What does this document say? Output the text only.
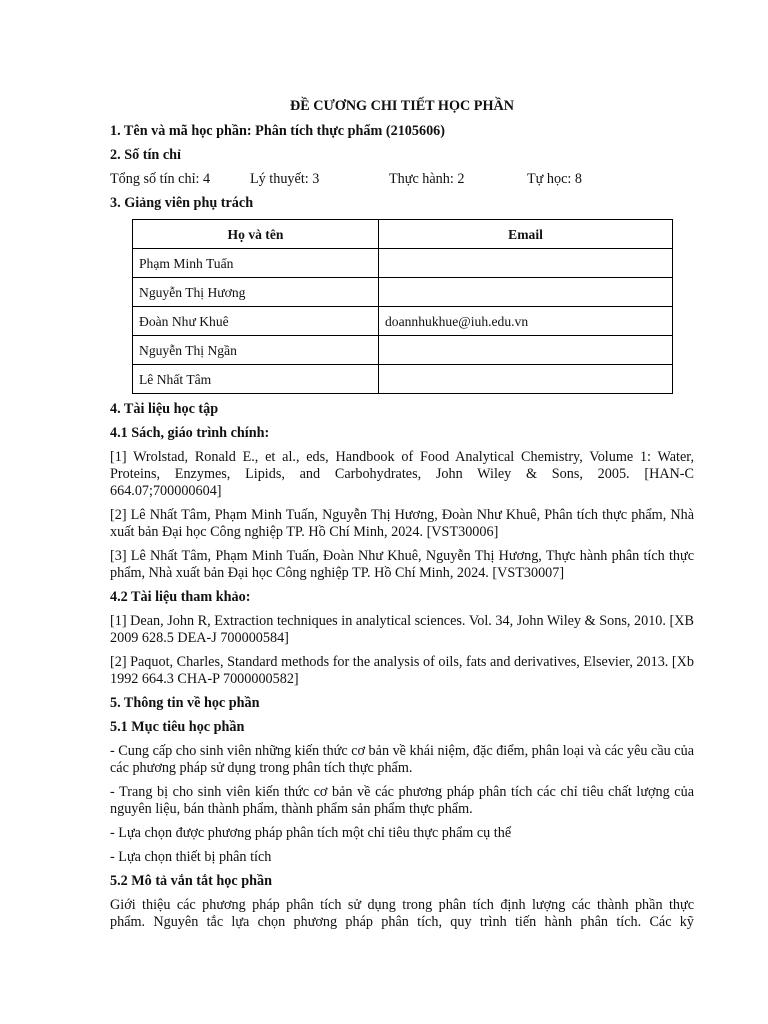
ĐỀ CƯƠNG CHI TIẾT HỌC PHẦN
1. Tên và mã học phần: Phân tích thực phẩm (2105606)
2. Số tín chỉ
Tổng số tín chỉ: 4	Lý thuyết: 3	Thực hành: 2	Tự học: 8
3. Giảng viên phụ trách
Họ và tên	Email
Phạm Minh Tuấn	
Nguyễn Thị Hương	
Đoàn Như Khuê	doannhukhue@iuh.edu.vn
Nguyễn Thị Ngần	
Lê Nhất Tâm	
4. Tài liệu học tập
4.1 Sách, giáo trình chính:
[1] Wrolstad, Ronald E., et al., eds, Handbook of Food Analytical Chemistry, Volume 1: Water, Proteins, Enzymes, Lipids, and Carbohydrates, John Wiley & Sons, 2005. [HAN-C 664.07;700000604]
[2] Lê Nhất Tâm, Phạm Minh Tuấn, Nguyễn Thị Hương, Đoàn Như Khuê, Phân tích thực phẩm, Nhà xuất bản Đại học Công nghiệp TP. Hồ Chí Minh, 2024. [VST30006]
[3] Lê Nhất Tâm, Phạm Minh Tuấn, Đoàn Như Khuê, Nguyễn Thị Hương, Thực hành phân tích thực phẩm, Nhà xuất bản Đại học Công nghiệp TP. Hồ Chí Minh, 2024. [VST30007]
4.2 Tài liệu tham khảo:
[1] Dean, John R, Extraction techniques in analytical sciences. Vol. 34, John Wiley & Sons, 2010. [XB 2009 628.5 DEA-J 700000584]
[2] Paquot, Charles, Standard methods for the analysis of oils, fats and derivatives, Elsevier, 2013. [Xb 1992 664.3 CHA-P 7000000582]
5. Thông tin về học phần
5.1 Mục tiêu học phần
- Cung cấp cho sinh viên những kiến thức cơ bản về khái niệm, đặc điểm, phân loại và các yêu cầu của các phương pháp sử dụng trong phân tích thực phẩm.
- Trang bị cho sinh viên kiến thức cơ bản về các phương pháp phân tích các chỉ tiêu chất lượng của nguyên liệu, bán thành phẩm, thành phẩm sản phẩm thực phẩm.
- Lựa chọn được phương pháp phân tích một chỉ tiêu thực phẩm cụ thể
- Lựa chọn thiết bị phân tích
5.2 Mô tả vắn tắt học phần
Giới thiệu các phương pháp phân tích sử dụng trong phân tích định lượng các thành phần thực
phẩm. Nguyên tắc lựa chọn phương pháp phân tích, quy trình tiến hành phân tích. Các kỹ
